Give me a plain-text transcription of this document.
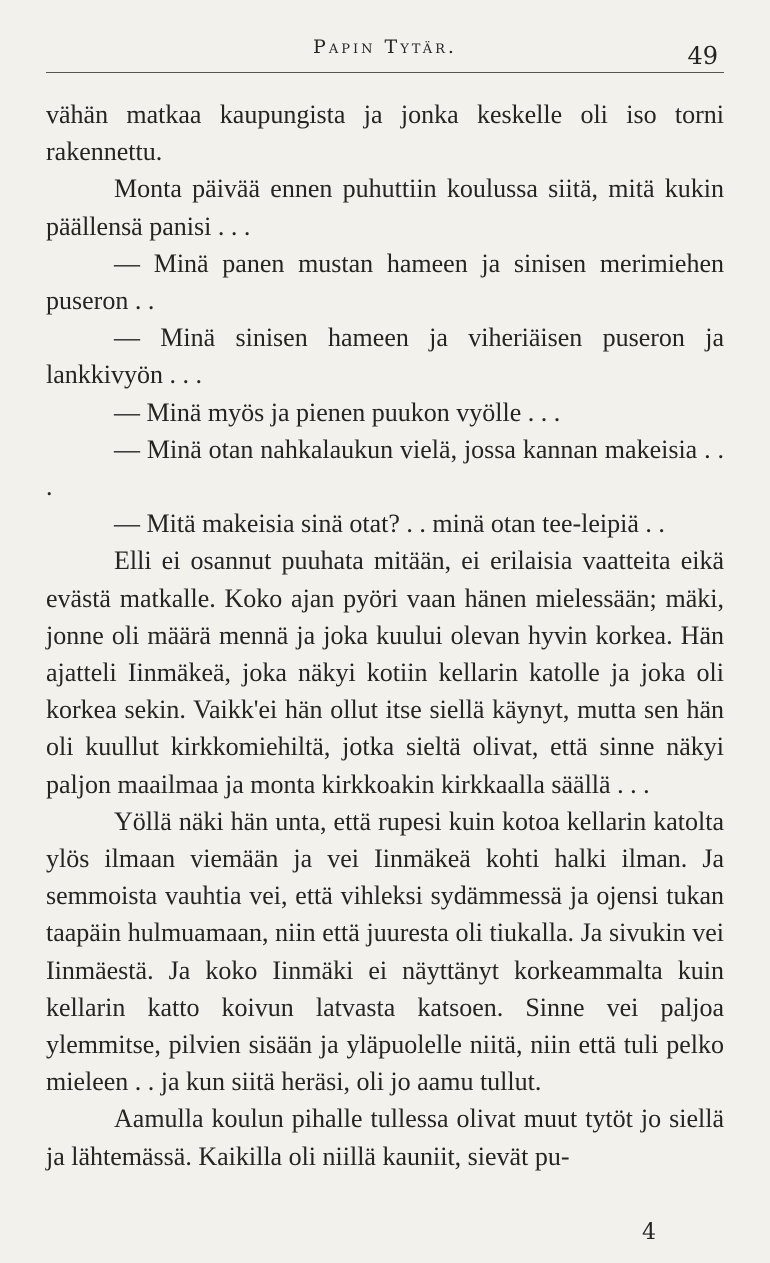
Papin Tytär.	49

vähän matkaa kaupungista ja jonka keskelle oli iso torni rakennettu.

Monta päivää ennen puhuttiin koulussa siitä, mitä kukin päällensä panisi . . .

— Minä panen mustan hameen ja sinisen merimiehen puseron . .

— Minä sinisen hameen ja viheriäisen puseron ja lankkivyön . . .

— Minä myös ja pienen puukon vyölle . . .

— Minä otan nahkalaukun vielä, jossa kannan makeisia . . .

— Mitä makeisia sinä otat? . . minä otan tee-leipiä . .

Elli ei osannut puuhata mitään, ei erilaisia vaatteita eikä evästä matkalle. Koko ajan pyöri vaan hänen mielessään; mäki, jonne oli määrä mennä ja joka kuului olevan hyvin korkea. Hän ajatteli Iinmäkeä, joka näkyi kotiin kellarin katolle ja joka oli korkea sekin. Vaikk'ei hän ollut itse siellä käynyt, mutta sen hän oli kuullut kirkkomiehiltä, jotka sieltä olivat, että sinne näkyi paljon maailmaa ja monta kirkkoakin kirkkaalla säällä . . .

Yöllä näki hän unta, että rupesi kuin kotoa kellarin katolta ylös ilmaan viemään ja vei Iinmäkeä kohti halki ilman. Ja semmoista vauhtia vei, että vihleksi sydämmessä ja ojensi tukan taapäin hulmuamaan, niin että juuresta oli tiukalla. Ja sivukin vei Iinmäestä. Ja koko Iinmäki ei näyttänyt korkeammalta kuin kellarin katto koivun latvasta katsoen. Sinne vei paljoa ylemmitse, pilvien sisään ja yläpuolelle niitä, niin että tuli pelko mieleen . . ja kun siitä heräsi, oli jo aamu tullut.

Aamulla koulun pihalle tullessa olivat muut tytöt jo siellä ja lähtemässä. Kaikilla oli niillä kauniit, sievät pu-

4
